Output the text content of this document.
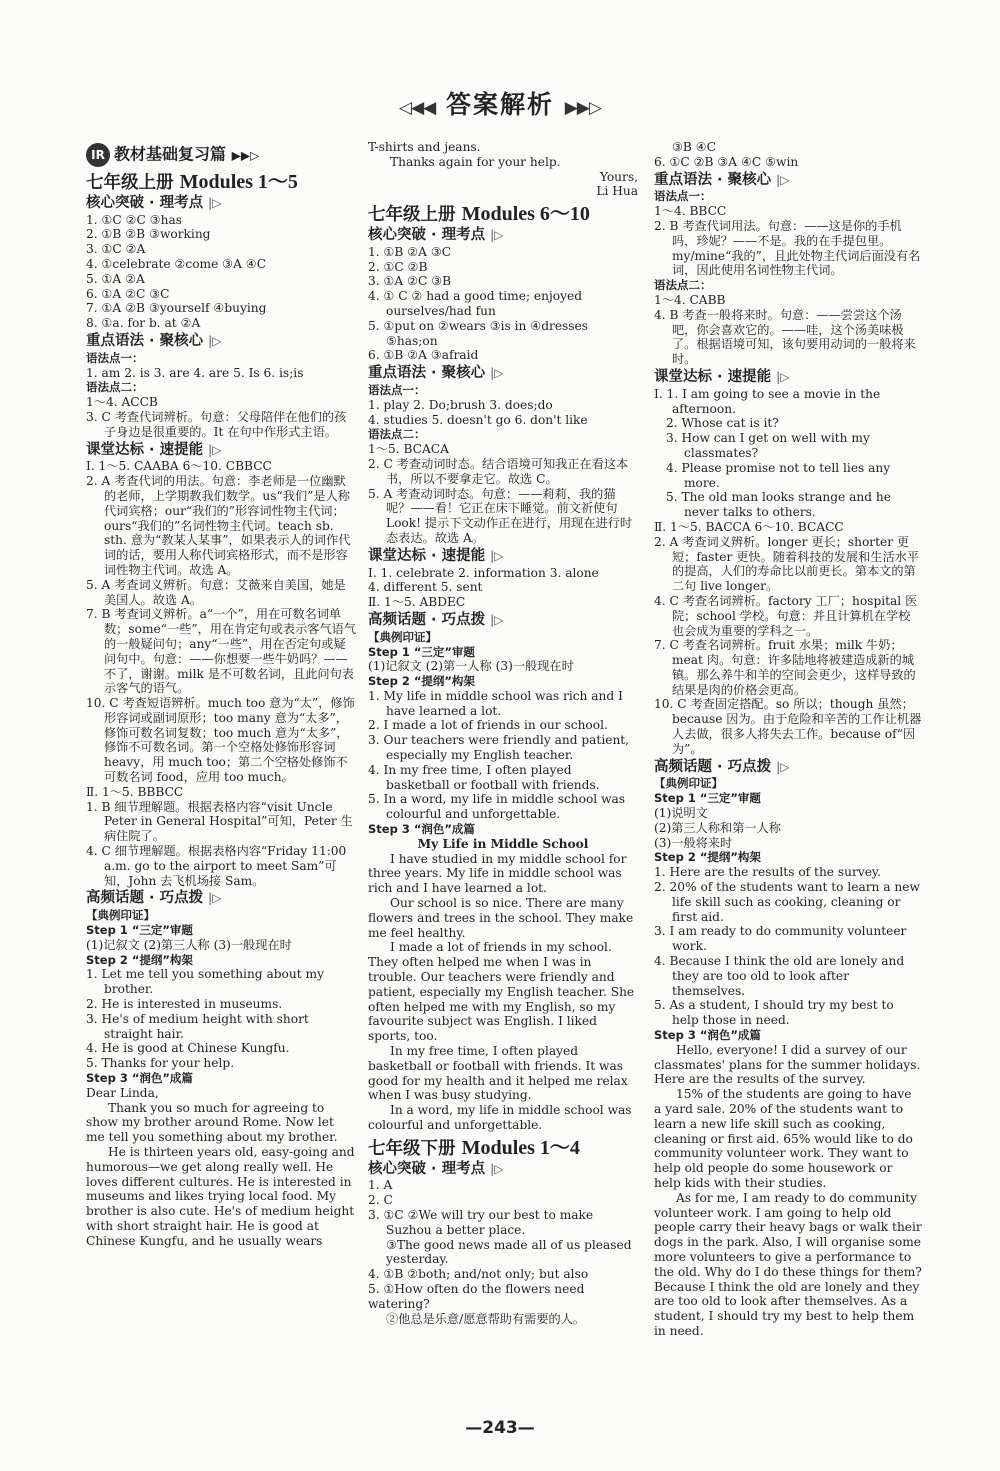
◁◀◀ 答案解析 ▶▶▷
IR 教材基础复习篇 ▶▶▷
七年级上册 Modules 1～5
核心突破 · 理考点 |▷

1. ①C ②C ③has

2. ①B ②B ③working

3. ①C ②A

4. ①celebrate ②come ③A ④C

5. ①A ②A

6. ①A ②C ③C

7. ①A ②B ③yourself ④buying

8. ①a. for b. at ②A

重点语法 · 聚核心 |▷

语法点一：

1. am 2. is 3. are 4. are 5. Is 6. is;is

语法点二：

1～4. ACCB

3. C 考查代词辨析。句意：父母陪伴在他们的孩子身边是很重要的。It 在句中作形式主语。

课堂达标 · 速提能 |▷

Ⅰ. 1～5. CAABA 6～10. CBBCC

2. A 考查代词的用法。句意：李老师是一位幽默的老师，上学期教我们数学。us“我们”是人称代词宾格；our“我们的”形容词性物主代词；ours“我们的”名词性物主代词。teach sb. sth. 意为“教某人某事”，如果表示人的词作代词的话，要用人称代词宾格形式，而不是形容词性物主代词。故选 A。

5. A 考查词义辨析。句意：艾薇来自美国，她是美国人。故选 A。

7. B 考查词义辨析。a“一个”，用在可数名词单数；some“一些”，用在肯定句或表示客气语气的一般疑问句；any“一些”，用在否定句或疑问句中。句意：——你想要一些牛奶吗？——不了，谢谢。milk 是不可数名词，且此问句表示客气的语气。

10. C 考查短语辨析。much too 意为“太”，修饰形容词或副词原形；too many 意为“太多”，修饰可数名词复数；too much 意为“太多”，修饰不可数名词。第一个空格处修饰形容词 heavy，用 much too；第二个空格处修饰不可数名词 food，应用 too much。

Ⅱ. 1～5. BBBCC

1. B 细节理解题。根据表格内容“visit Uncle Peter in General Hospital”可知，Peter 生病住院了。

4. C 细节理解题。根据表格内容“Friday 11:00 a.m. go to the airport to meet Sam”可知，John 去飞机场接 Sam。

高频话题 · 巧点拨 |▷

【典例印证】

Step 1 “三定”审题

(1)记叙文 (2)第三人称 (3)一般现在时

Step 2 “提纲”构架

1. Let me tell you something about my brother.

2. He is interested in museums.

3. He's of medium height with short straight hair.

4. He is good at Chinese Kungfu.

5. Thanks for your help.

Step 3 “润色”成篇

Dear Linda,

Thank you so much for agreeing to show my brother around Rome. Now let me tell you something about my brother.

He is thirteen years old, easy-going and humorous—we get along really well. He loves different cultures. He is interested in museums and likes trying local food. My brother is also cute. He's of medium height with short straight hair. He is good at Chinese Kungfu, and he usually wears

T-shirts and jeans.

Thanks again for your help.

Yours,

Li Hua

七年级上册 Modules 6～10
核心突破 · 理考点 |▷

1. ①B ②A ③C

2. ①C ②B

3. ①A ②C ③B

4. ① C ② had a good time; enjoyed ourselves/had fun

5. ①put on ②wears ③is in ④dresses ⑤has;on

6. ①B ②A ③afraid

重点语法 · 聚核心 |▷

语法点一：

1. play 2. Do;brush 3. does;do

4. studies 5. doesn't go 6. don't like

语法点二：

1～5. BCACA

2. C 考查动词时态。结合语境可知我正在看这本书，所以不要拿走它。故选 C。

5. A 考查动词时态。句意：——莉莉，我的猫呢？——看！它正在床下睡觉。前文祈使句 Look! 提示下文动作正在进行，用现在进行时态表达。故选 A。

课堂达标 · 速提能 |▷

Ⅰ. 1. celebrate 2. information 3. alone

4. different 5. sent

Ⅱ. 1～5. ABDEC

高频话题 · 巧点拨 |▷

【典例印证】

Step 1 “三定”审题

(1)记叙文 (2)第一人称 (3)一般现在时

Step 2 “提纲”构架

1. My life in middle school was rich and I have learned a lot.

2. I made a lot of friends in our school.

3. Our teachers were friendly and patient, especially my English teacher.

4. In my free time, I often played basketball or football with friends.

5. In a word, my life in middle school was colourful and unforgettable.

Step 3 “润色”成篇

My Life in Middle School

I have studied in my middle school for three years. My life in middle school was rich and I have learned a lot.

Our school is so nice. There are many flowers and trees in the school. They make me feel healthy.

I made a lot of friends in my school. They often helped me when I was in trouble. Our teachers were friendly and patient, especially my English teacher. She often helped me with my English, so my favourite subject was English. I liked sports, too.

In my free time, I often played basketball or football with friends. It was good for my health and it helped me relax when I was busy studying.

In a word, my life in middle school was colourful and unforgettable.

七年级下册 Modules 1～4
核心突破 · 理考点 |▷

1. A

2. C

3. ①C ②We will try our best to make Suzhou a better place.

③The good news made all of us pleased yesterday.

4. ①B ②both; and/not only; but also

5. ①How often do the flowers need watering?

②他总是乐意/愿意帮助有需要的人。

③B ④C

6. ①C ②B ③A ④C ⑤win

重点语法 · 聚核心 |▷

语法点一：

1～4. BBCC

2. B 考查代词用法。句意：——这是你的手机吗，珍妮？——不是。我的在手提包里。my/mine“我的”，且此处物主代词后面没有名词，因此使用名词性物主代词。

语法点二：

1～4. CABB

4. B 考查一般将来时。句意：——尝尝这个汤吧，你会喜欢它的。——哇，这个汤美味极了。根据语境可知，该句要用动词的一般将来时。

课堂达标 · 速提能 |▷

Ⅰ. 1. I am going to see a movie in the afternoon.

2. Whose cat is it?

3. How can I get on well with my classmates?

4. Please promise not to tell lies any more.

5. The old man looks strange and he never talks to others.

Ⅱ. 1～5. BACCA 6～10. BCACC

2. A 考查词义辨析。longer 更长；shorter 更短；faster 更快。随着科技的发展和生活水平的提高，人们的寿命比以前更长。第本文的第二句 live longer。

4. C 考查名词辨析。factory 工厂；hospital 医院；school 学校。句意：并且计算机在学校也会成为重要的学科之一。

7. C 考查名词辨析。fruit 水果；milk 牛奶；meat 肉。句意：许多陆地将被建造成新的城镇。那么养牛和羊的空间会更少，这样导致的结果是肉的价格会更高。

10. C 考查固定搭配。so 所以；though 虽然；because 因为。由于危险和辛苦的工作让机器人去做，很多人将失去工作。because of“因为”。

高频话题 · 巧点拨 |▷

【典例印证】

Step 1 “三定”审题

(1)说明文

(2)第三人称和第一人称

(3)一般将来时

Step 2 “提纲”构架

1. Here are the results of the survey.

2. 20% of the students want to learn a new life skill such as cooking, cleaning or first aid.

3. I am ready to do community volunteer work.

4. Because I think the old are lonely and they are too old to look after themselves.

5. As a student, I should try my best to help those in need.

Step 3 “润色”成篇

Hello, everyone! I did a survey of our classmates' plans for the summer holidays. Here are the results of the survey.

15% of the students are going to have a yard sale. 20% of the students want to learn a new life skill such as cooking, cleaning or first aid. 65% would like to do community volunteer work. They want to help old people do some housework or help kids with their studies.

As for me, I am ready to do community volunteer work. I am going to help old people carry their heavy bags or walk their dogs in the park. Also, I will organise some more volunteers to give a performance to the old. Why do I do these things for them? Because I think the old are lonely and they are too old to look after themselves. As a student, I should try my best to help them in need.

—243—
